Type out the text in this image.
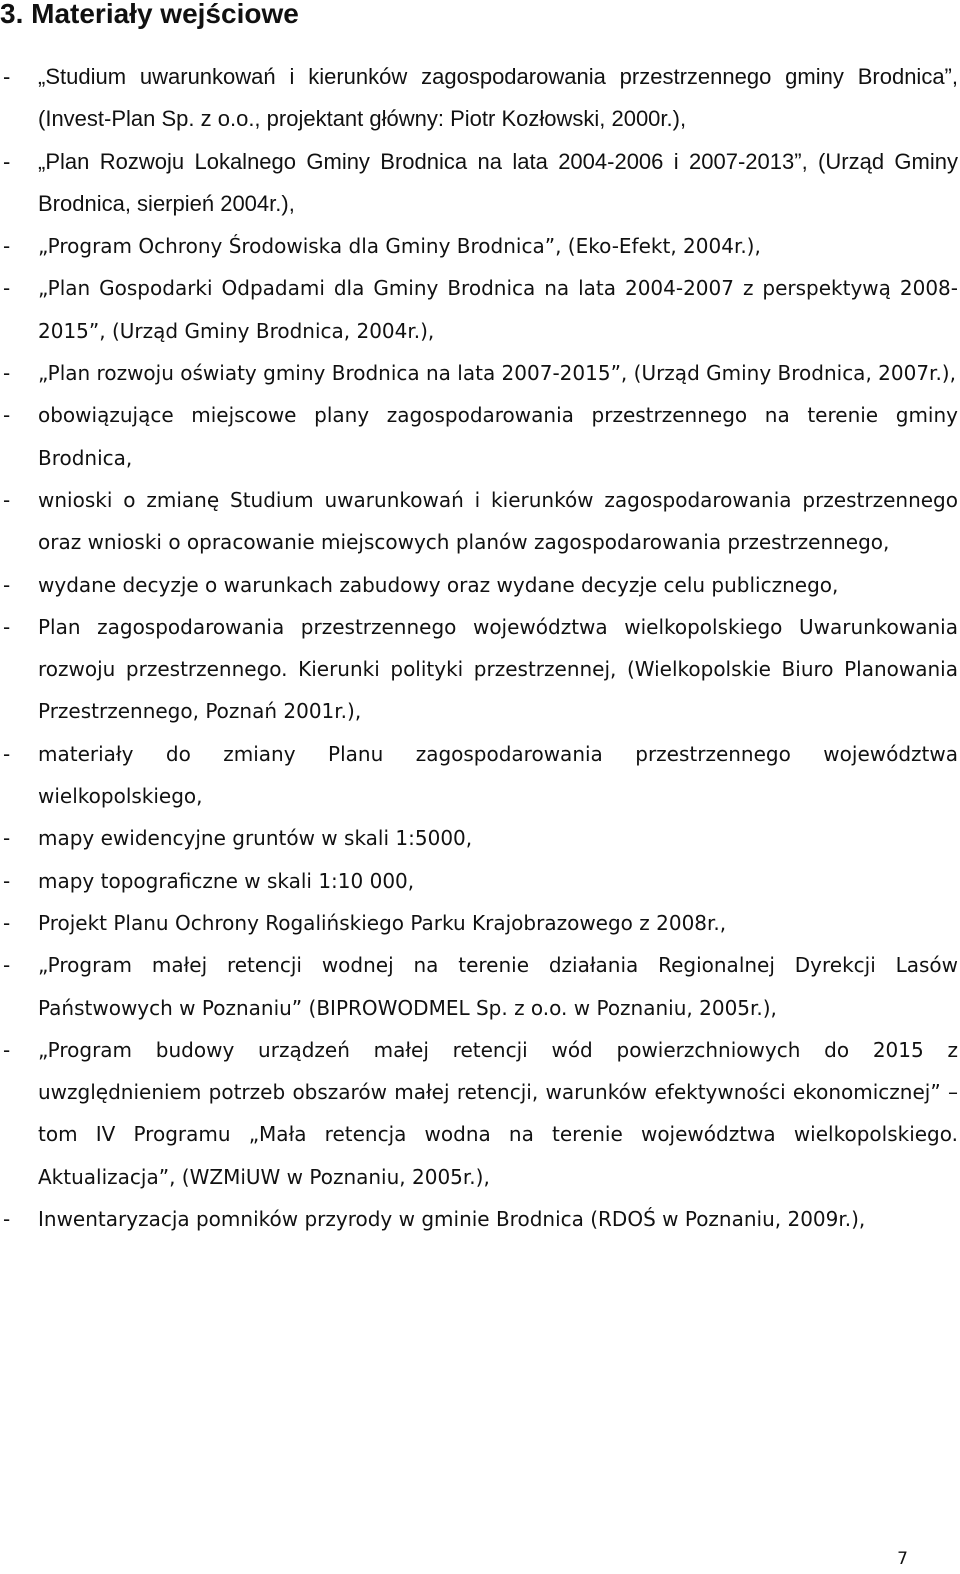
3. Materiały wejściowe
- „Studium uwarunkowań i kierunków zagospodarowania przestrzennego gminy Brodnica”, (Invest-Plan Sp. z o.o., projektant główny: Piotr Kozłowski, 2000r.),
- „Plan Rozwoju Lokalnego Gminy Brodnica na lata 2004-2006 i 2007-2013”, (Urząd Gminy Brodnica, sierpień 2004r.),
- „Program Ochrony Środowiska dla Gminy Brodnica”, (Eko-Efekt, 2004r.),
- „Plan Gospodarki Odpadami dla Gminy Brodnica na lata 2004-2007 z perspektywą 2008-2015”, (Urząd Gminy Brodnica, 2004r.),
- „Plan rozwoju oświaty gminy Brodnica na lata 2007-2015”, (Urząd Gminy Brodnica, 2007r.),
- obowiązujące miejscowe plany zagospodarowania przestrzennego na terenie gminy Brodnica,
- wnioski o zmianę Studium uwarunkowań i kierunków zagospodarowania przestrzennego oraz wnioski o opracowanie miejscowych planów zagospodarowania przestrzennego,
- wydane decyzje o warunkach zabudowy oraz wydane decyzje celu publicznego,
- Plan zagospodarowania przestrzennego województwa wielkopolskiego Uwarunkowania rozwoju przestrzennego. Kierunki polityki przestrzennej, (Wielkopolskie Biuro Planowania Przestrzennego, Poznań 2001r.),
- materiały do zmiany Planu zagospodarowania przestrzennego województwa wielkopolskiego,
- mapy ewidencyjne gruntów w skali 1:5000,
- mapy topograficzne w skali 1:10 000,
- Projekt Planu Ochrony Rogalińskiego Parku Krajobrazowego z 2008r.,
- „Program małej retencji wodnej na terenie działania Regionalnej Dyrekcji Lasów Państwowych w Poznaniu” (BIPROWODMEL Sp. z o.o. w Poznaniu, 2005r.),
- „Program budowy urządzeń małej retencji wód powierzchniowych do 2015 z uwzględnieniem potrzeb obszarów małej retencji, warunków efektywności ekonomicznej” – tom IV Programu „Mała retencja wodna na terenie województwa wielkopolskiego. Aktualizacja”, (WZMiUW w Poznaniu, 2005r.),
- Inwentaryzacja pomników przyrody w gminie Brodnica (RDOŚ w Poznaniu, 2009r.),

7
